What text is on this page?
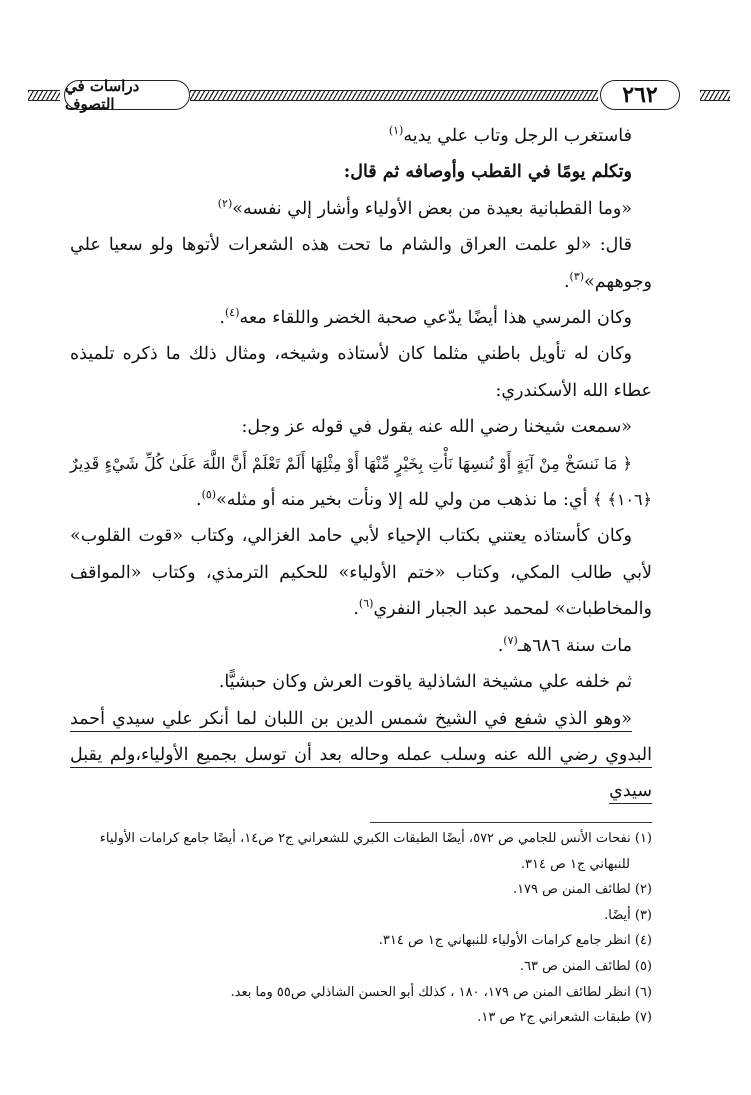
دراسات في التصوف	٢٦٢

فاستغرب الرجل وتاب علي يديه$^{(١)}$

وتكلم يومًا في القطب وأوصافه ثم قال:

«وما القطبانية بعيدة من بعض الأولياء وأشار إلي نفسه»$^{(٢)}$

قال: «لو علمت العراق والشام ما تحت هذه الشعرات لأتوها ولو سعيا علي وجوههم»$^{(٣)}$.

وكان المرسي هذا أيضًا يدّعي صحبة الخضر واللقاء معه$^{(٤)}$.

وكان له تأويل باطني مثلما كان لأستاذه وشيخه، ومثال ذلك ما ذكره تلميذه عطاء الله الأسكندري:

«سمعت شيخنا رضي الله عنه يقول في قوله عز وجل:

﴿ مَا نَنسَخْ مِنْ آيَةٍ أَوْ نُنسِهَا نَأْتِ بِخَيْرٍ مِّنْهَا أَوْ مِثْلِهَا أَلَمْ تَعْلَمْ أَنَّ اللَّهَ عَلَىٰ كُلِّ شَيْءٍ قَدِيرٌ ﴿١٠٦﴾ ﴾ أي: ما نذهب من ولي لله إلا ونأت بخير منه أو مثله»$^{(٥)}$.

وكان كأستاذه يعتني بكتاب الإحياء لأبي حامد الغزالي، وكتاب «قوت القلوب» لأبي طالب المكي، وكتاب «ختم الأولياء» للحكيم الترمذي، وكتاب «المواقف والمخاطبات» لمحمد عبد الجبار النفري$^{(٦)}$.

مات سنة ٦٨٦هـ$^{(٧)}$.

ثم خلفه علي مشيخة الشاذلية ياقوت العرش وكان حبشيًّا.

«وهو الذي شفع في الشيخ شمس الدين بن اللبان لما أنكر علي سيدي أحمد البدوي رضي الله عنه وسلب عمله وحاله بعد أن توسل بجميع الأولياء،ولم يقبل سيدي

(١) نفحات الأنس للجامي ص ٥٧٢، أيضًا الطبقات الكبري للشعراني ج٢ ص١٤، أيضًا جامع كرامات الأولياء

للنبهاني ج١ ص ٣١٤.

(٢) لطائف المنن ص ١٧٩.

(٣) أيضًا.

(٤) انظر جامع كرامات الأولياء للنبهاني ج١ ص ٣١٤.

(٥) لطائف المنن ص ٦٣.

(٦) انظر لطائف المنن ص ١٧٩، ١٨٠ ، كذلك أبو الحسن الشاذلي ص٥٥ وما بعد.

(٧) طبقات الشعراني ج٢ ص ١٣.
